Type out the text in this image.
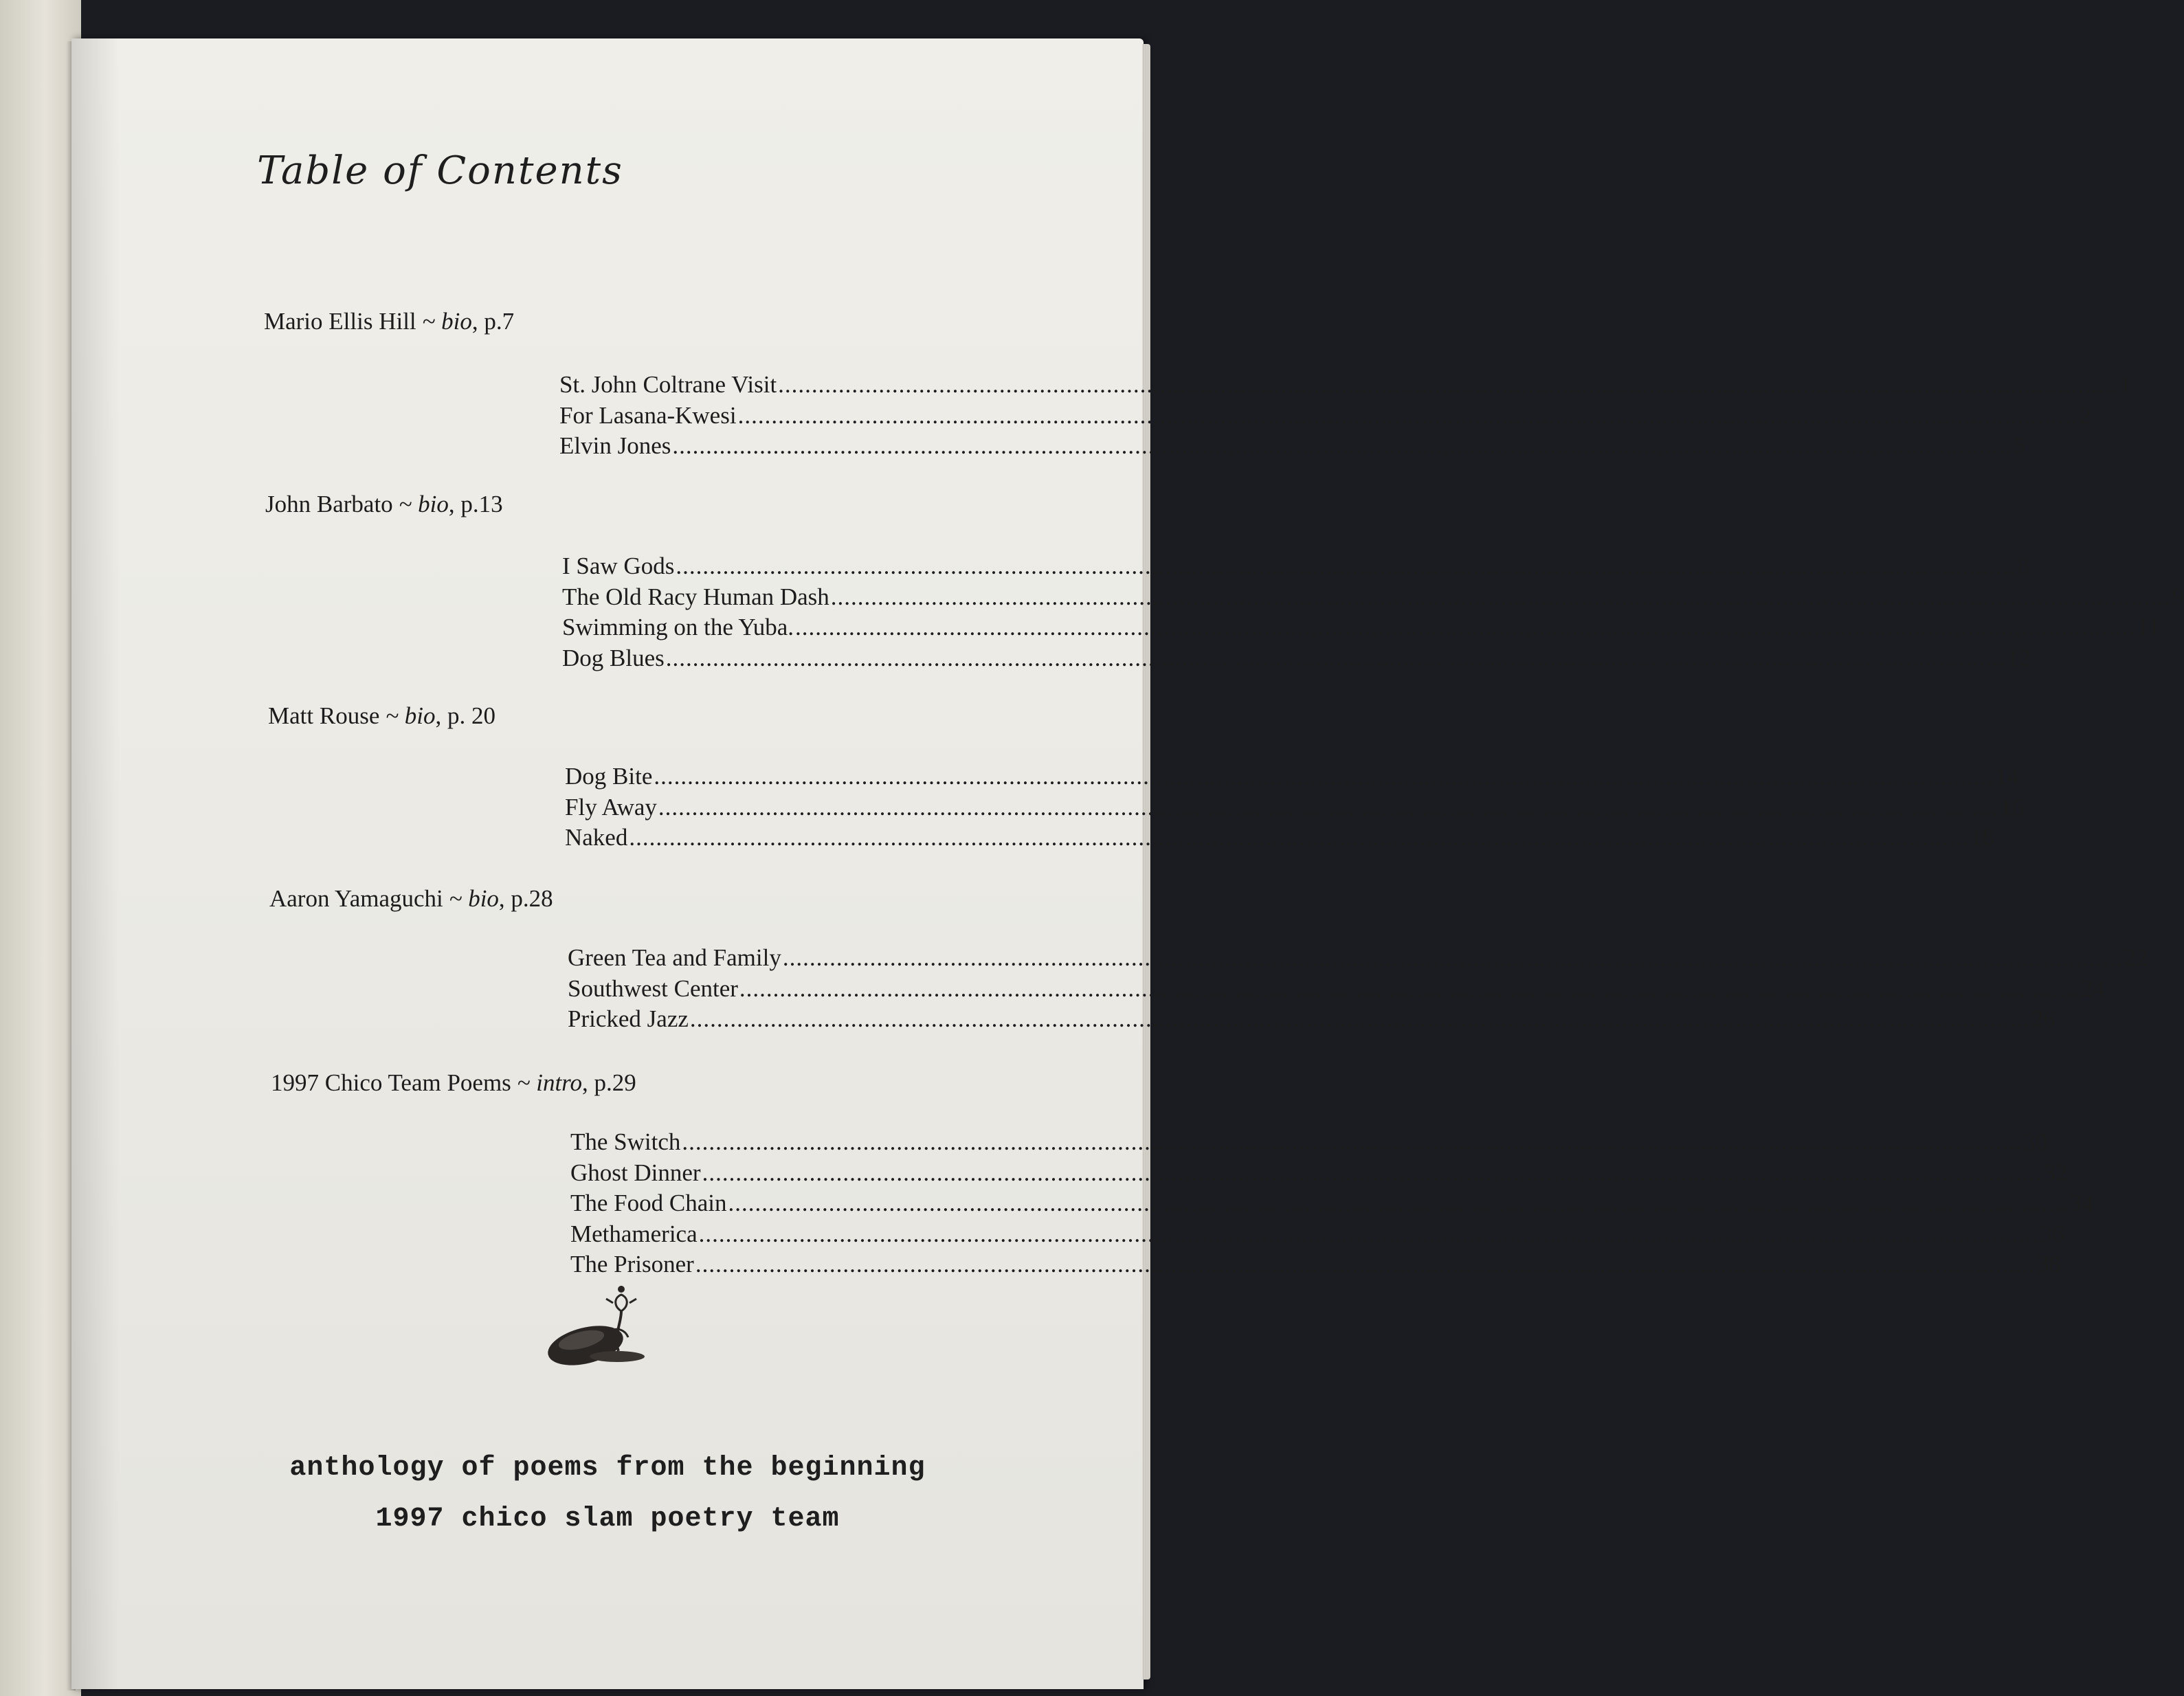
Table of Contents
Mario Ellis Hill ~ bio, p.7
St. John Coltrane Visit ........................................................................................................................................................................................................ 1
For Lasana-Kwesi ........................................................................................................................................................................................................ 2
Elvin Jones ........................................................................................................................................................................................................ 5
John Barbato ~ bio, p.13
I Saw Gods ........................................................................................................................................................................................................ 8
The Old Racy Human Dash ........................................................................................................................................................................................................ 9
Swimming on the Yuba. ........................................................................................................................................................................................................ 11
Dog Blues ........................................................................................................................................................................................................ 12
Matt Rouse ~ bio, p. 20
Dog Bite ........................................................................................................................................................................................................ 14
Fly Away ........................................................................................................................................................................................................ 16
Naked ........................................................................................................................................................................................................ 18
Aaron Yamaguchi ~ bio, p.28
Green Tea and Family ........................................................................................................................................................................................................ 22
Southwest Center ........................................................................................................................................................................................................ 24
Pricked Jazz ........................................................................................................................................................................................................ 26
1997 Chico Team Poems ~ intro, p.29
The Switch ........................................................................................................................................................................................................ 30
Ghost Dinner ........................................................................................................................................................................................................ 32
The Food Chain ........................................................................................................................................................................................................ 34
Methamerica ........................................................................................................................................................................................................ 36
The Prisoner ........................................................................................................................................................................................................ 38
anthology of poems from the beginning
1997 chico slam poetry team
